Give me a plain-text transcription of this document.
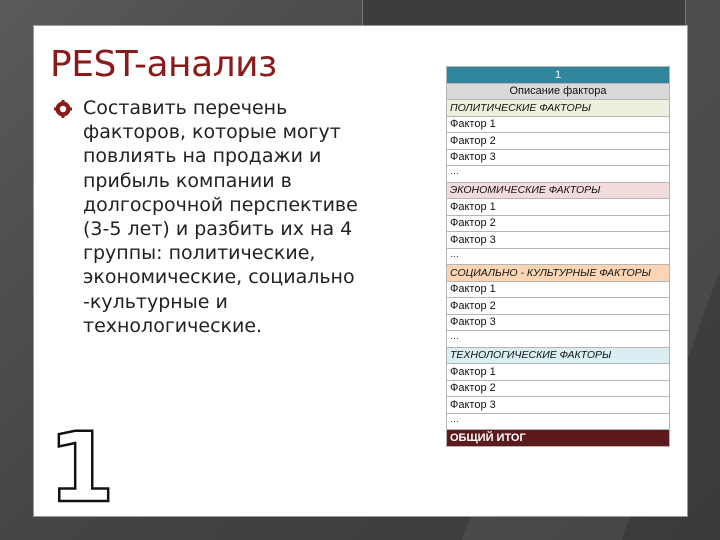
PEST-анализ

Составить перечень
факторов, которые могут
повлиять на продажи и
прибыль компании в
долгосрочной перспективе
(3-5 лет) и разбить их на 4
группы: политические,
экономические, социально
-культурные и
технологические.

1
1
Описание фактора
ПОЛИТИЧЕСКИЕ ФАКТОРЫ
Фактор 1
Фактор 2
Фактор 3
…
ЭКОНОМИЧЕСКИЕ ФАКТОРЫ
Фактор 1
Фактор 2
Фактор 3
…
СОЦИАЛЬНО - КУЛЬТУРНЫЕ ФАКТОРЫ
Фактор 1
Фактор 2
Фактор 3
…
ТЕХНОЛОГИЧЕСКИЕ ФАКТОРЫ
Фактор 1
Фактор 2
Фактор 3
…
ОБЩИЙ ИТОГ
